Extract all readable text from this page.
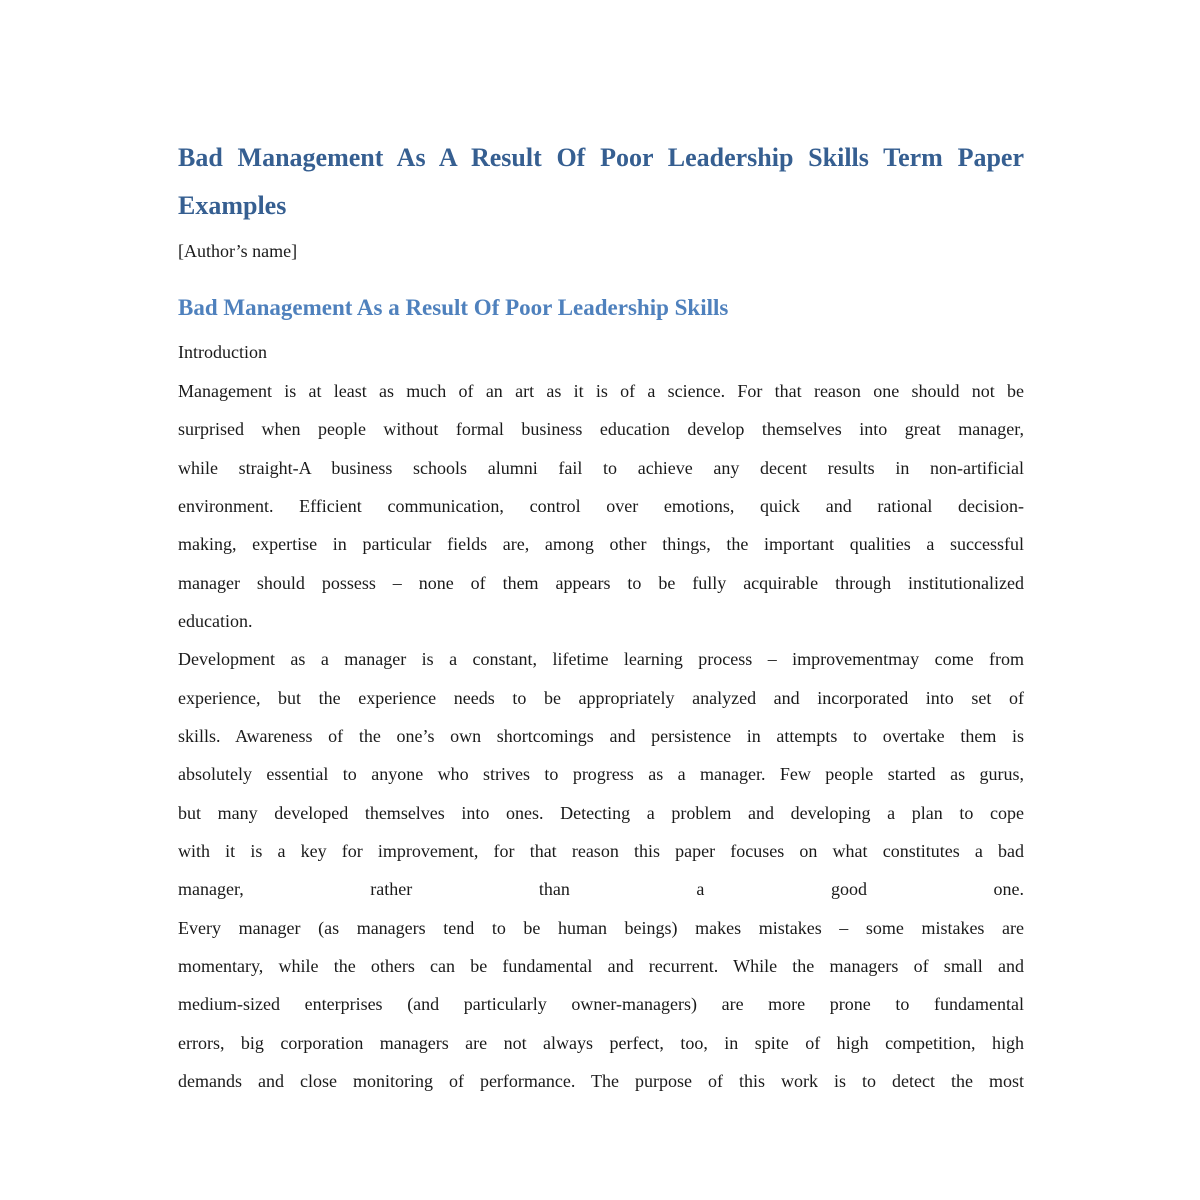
Bad Management As A Result Of Poor Leadership Skills Term Paper
Examples

[Author’s name]

Bad Management As a Result Of Poor Leadership Skills

Introduction

Management is at least as much of an art as it is of a science. For that reason one should not be
surprised when people without formal business education develop themselves into great manager,
while straight-A business schools alumni fail to achieve any decent results in non-artificial
environment. Efficient communication, control over emotions, quick and rational decision-
making, expertise in particular fields are, among other things, the important qualities a successful
manager should possess – none of them appears to be fully acquirable through institutionalized
education.
Development as a manager is a constant, lifetime learning process – improvementmay come from
experience, but the experience needs to be appropriately analyzed and incorporated into set of
skills. Awareness of the one’s own shortcomings and persistence in attempts to overtake them is
absolutely essential to anyone who strives to progress as a manager. Few people started as gurus,
but many developed themselves into ones. Detecting a problem and developing a plan to cope
with it is a key for improvement, for that reason this paper focuses on what constitutes a bad
manager, rather than a good one.
Every manager (as managers tend to be human beings) makes mistakes – some mistakes are
momentary, while the others can be fundamental and recurrent. While the managers of small and
medium-sized enterprises (and particularly owner-managers) are more prone to fundamental
errors, big corporation managers are not always perfect, too, in spite of high competition, high
demands and close monitoring of performance. The purpose of this work is to detect the most
